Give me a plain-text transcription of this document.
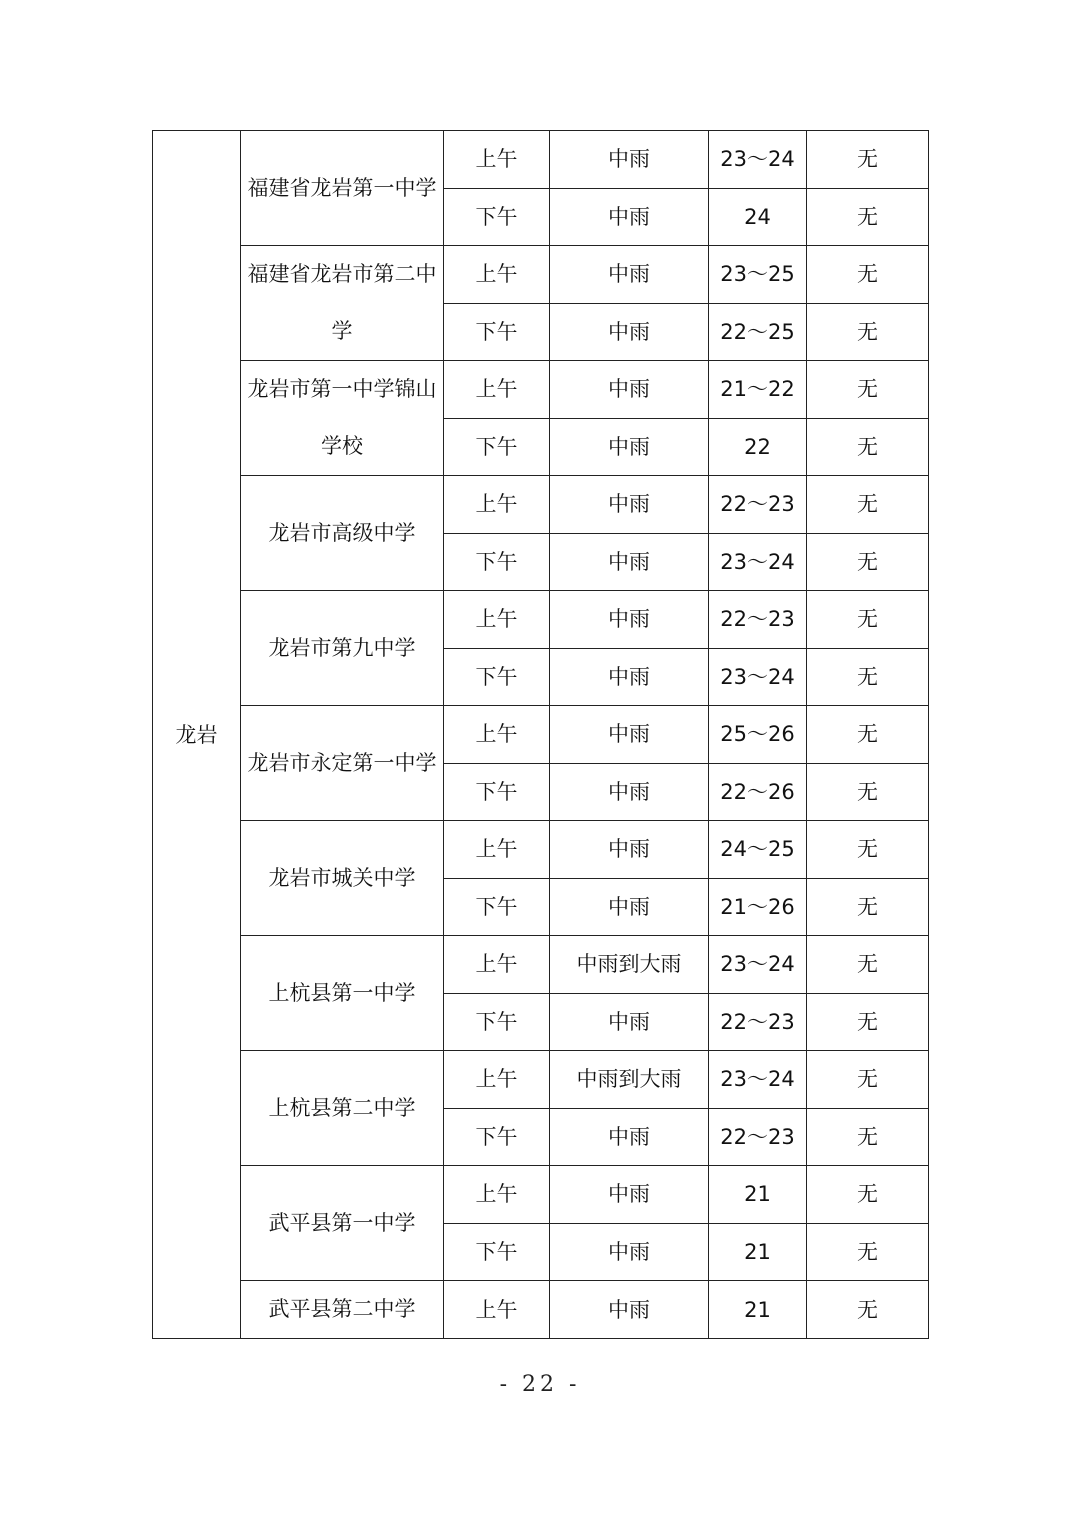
龙岩	福建省龙岩第一中学	上午	中雨	23～24	无
		下午	中雨	24	无
	福建省龙岩市第二中学	上午	中雨	23～25	无
		下午	中雨	22～25	无
	龙岩市第一中学锦山学校	上午	中雨	21～22	无
		下午	中雨	22	无
	龙岩市高级中学	上午	中雨	22～23	无
		下午	中雨	23～24	无
	龙岩市第九中学	上午	中雨	22～23	无
		下午	中雨	23～24	无
	龙岩市永定第一中学	上午	中雨	25～26	无
		下午	中雨	22～26	无
	龙岩市城关中学	上午	中雨	24～25	无
		下午	中雨	21～26	无
	上杭县第一中学	上午	中雨到大雨	23～24	无
		下午	中雨	22～23	无
	上杭县第二中学	上午	中雨到大雨	23～24	无
		下午	中雨	22～23	无
	武平县第一中学	上午	中雨	21	无
		下午	中雨	21	无
	武平县第二中学	上午	中雨	21	无
- 22 -
